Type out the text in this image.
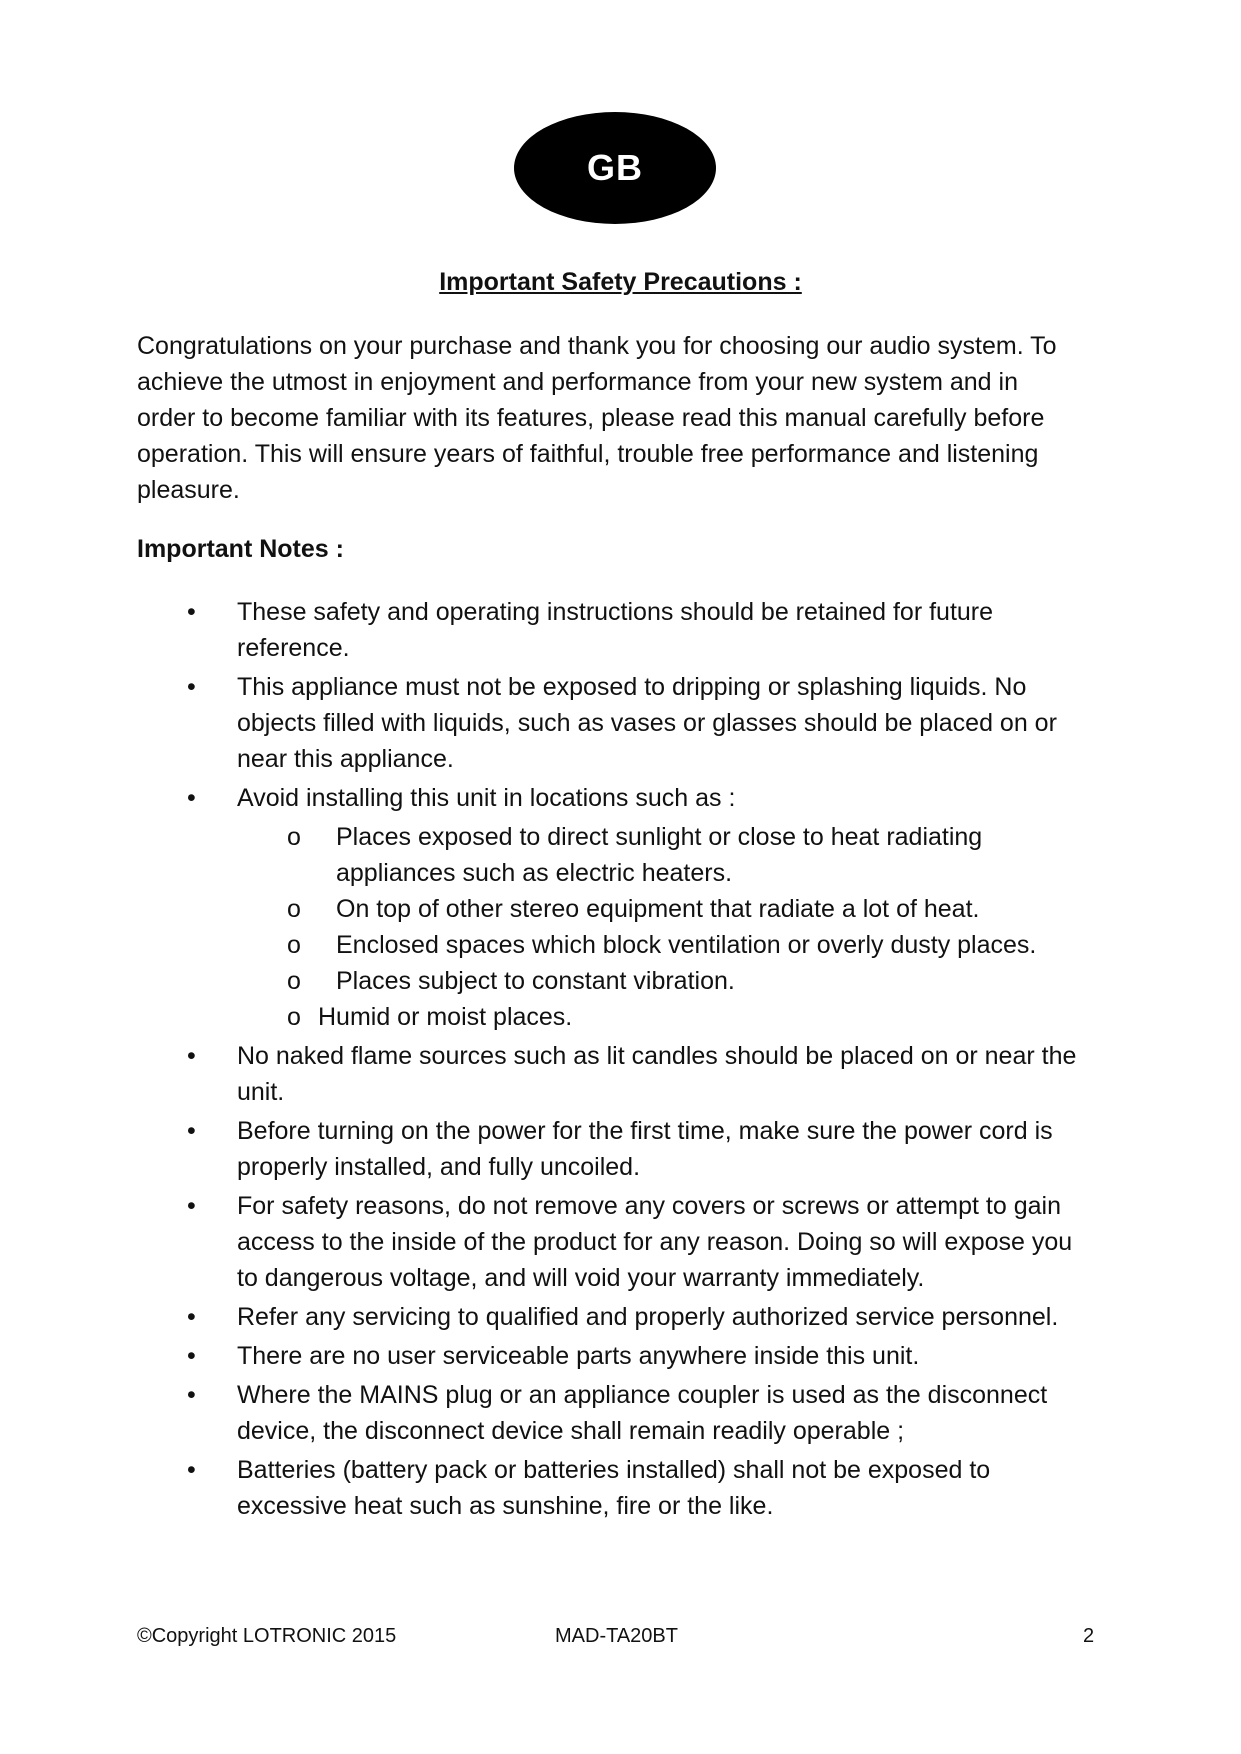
GB
Important Safety Precautions :
Congratulations on your purchase and thank you for choosing our audio system. To
achieve the utmost in enjoyment and performance from your new system and in
order to become familiar with its features, please read this manual carefully before
operation. This will ensure years of faithful, trouble free performance and listening
pleasure.
Important Notes :
• These safety and operating instructions should be retained for future
reference.
• This appliance must not be exposed to dripping or splashing liquids. No
objects filled with liquids, such as vases or glasses should be placed on or
near this appliance.
• Avoid installing this unit in locations such as :
o Places exposed to direct sunlight or close to heat radiating
appliances such as electric heaters.
o On top of other stereo equipment that radiate a lot of heat.
o Enclosed spaces which block ventilation or overly dusty places.
o Places subject to constant vibration.
o Humid or moist places.
• No naked flame sources such as lit candles should be placed on or near the
unit.
• Before turning on the power for the first time, make sure the power cord is
properly installed, and fully uncoiled.
• For safety reasons, do not remove any covers or screws or attempt to gain
access to the inside of the product for any reason. Doing so will expose you
to dangerous voltage, and will void your warranty immediately.
• Refer any servicing to qualified and properly authorized service personnel.
• There are no user serviceable parts anywhere inside this unit.
• Where the MAINS plug or an appliance coupler is used as the disconnect
device, the disconnect device shall remain readily operable ;
• Batteries (battery pack or batteries installed) shall not be exposed to
excessive heat such as sunshine, fire or the like.
©Copyright LOTRONIC 2015	MAD-TA20BT	2
